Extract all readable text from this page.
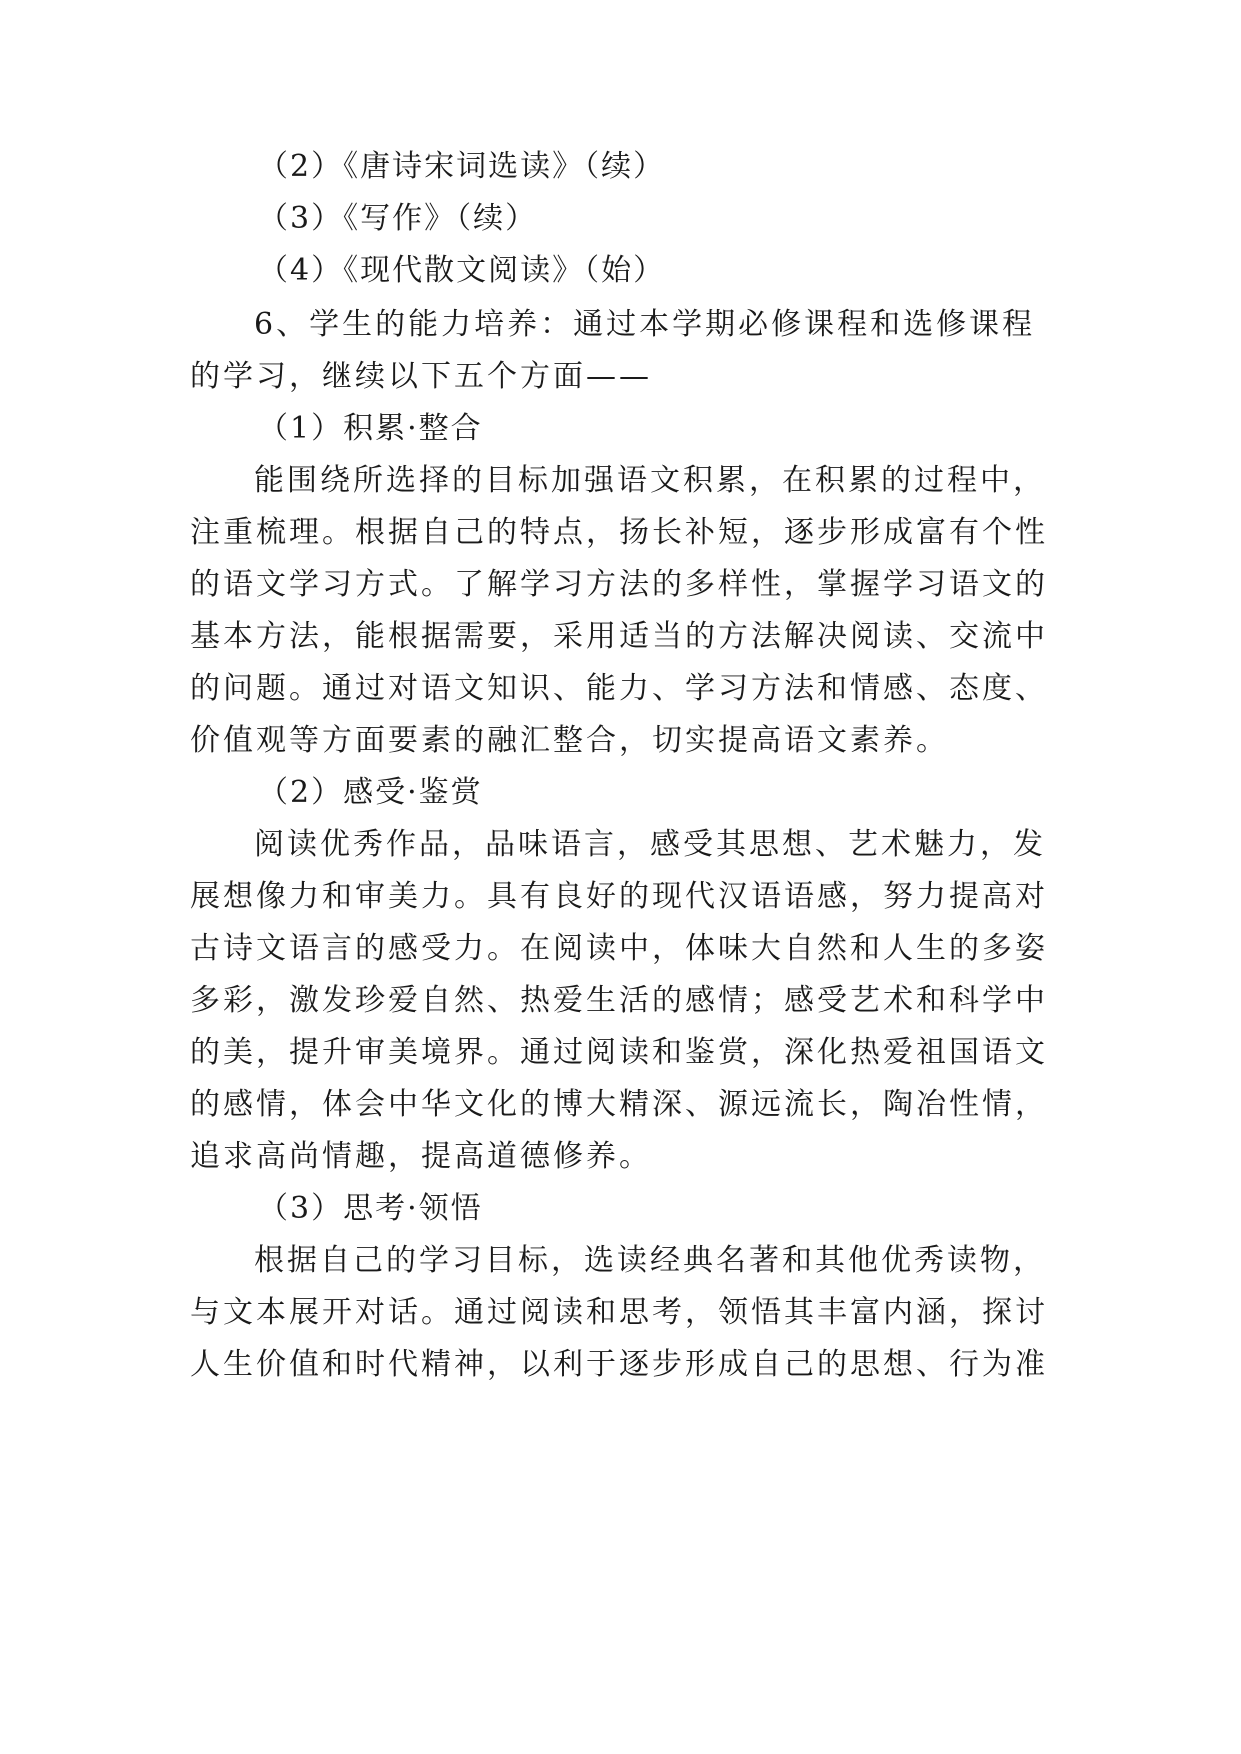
（2）《唐诗宋词选读》（续）
（3）《写作》（续）
（4）《现代散文阅读》（始）
6、学生的能力培养：通过本学期必修课程和选修课程
的学习，继续以下五个方面——
（1）积累·整合
能围绕所选择的目标加强语文积累，在积累的过程中，
注重梳理。根据自己的特点，扬长补短，逐步形成富有个性
的语文学习方式。了解学习方法的多样性，掌握学习语文的
基本方法，能根据需要，采用适当的方法解决阅读、交流中
的问题。通过对语文知识、能力、学习方法和情感、态度、
价值观等方面要素的融汇整合，切实提高语文素养。
（2）感受·鉴赏
阅读优秀作品，品味语言，感受其思想、艺术魅力，发
展想像力和审美力。具有良好的现代汉语语感，努力提高对
古诗文语言的感受力。在阅读中，体味大自然和人生的多姿
多彩，激发珍爱自然、热爱生活的感情；感受艺术和科学中
的美，提升审美境界。通过阅读和鉴赏，深化热爱祖国语文
的感情，体会中华文化的博大精深、源远流长，陶冶性情，
追求高尚情趣，提高道德修养。
（3）思考·领悟
根据自己的学习目标，选读经典名著和其他优秀读物，
与文本展开对话。通过阅读和思考，领悟其丰富内涵，探讨
人生价值和时代精神，以利于逐步形成自己的思想、行为准
